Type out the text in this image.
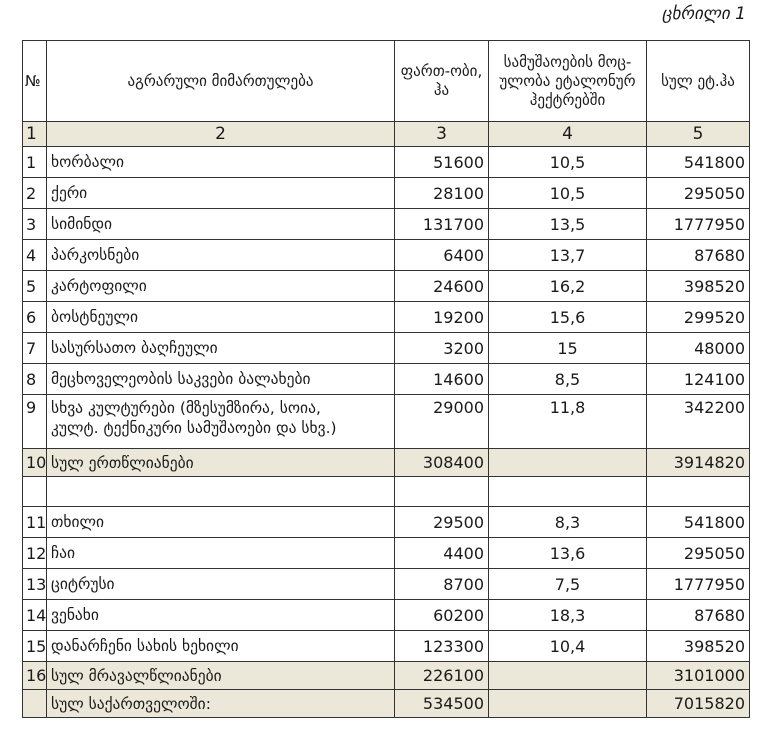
ცხრილი 1
№	აგრარული მიმართულება	ფართ-ობი, ჰა	სამუშაოების მოც-ულობა ეტალონურ ჰექტრებში	სულ ეტ.ჰა
1	2	3	4	5
1	ხორბალი	51600	10,5	541800
2	ქერი	28100	10,5	295050
3	სიმინდი	131700	13,5	1777950
4	პარკოსნები	6400	13,7	87680
5	კარტოფილი	24600	16,2	398520
6	ბოსტნეული	19200	15,6	299520
7	სასურსათო ბაღჩეული	3200	15	48000
8	მეცხოველეობის საკვები ბალახები	14600	8,5	124100
9	სხვა კულტურები (მზესუმზირა, სოია,
კულტ. ტექნიკური სამუშაოები და სხვ.)	29000	11,8	342200
10	სულ ერთწლიანები	308400		3914820

11	თხილი	29500	8,3	541800
12	ჩაი	4400	13,6	295050
13	ციტრუსი	8700	7,5	1777950
14	ვენახი	60200	18,3	87680
15	დანარჩენი სახის ხეხილი	123300	10,4	398520
16	სულ მრავალწლიანები	226100		3101000
	სულ საქართველოში:	534500		7015820
